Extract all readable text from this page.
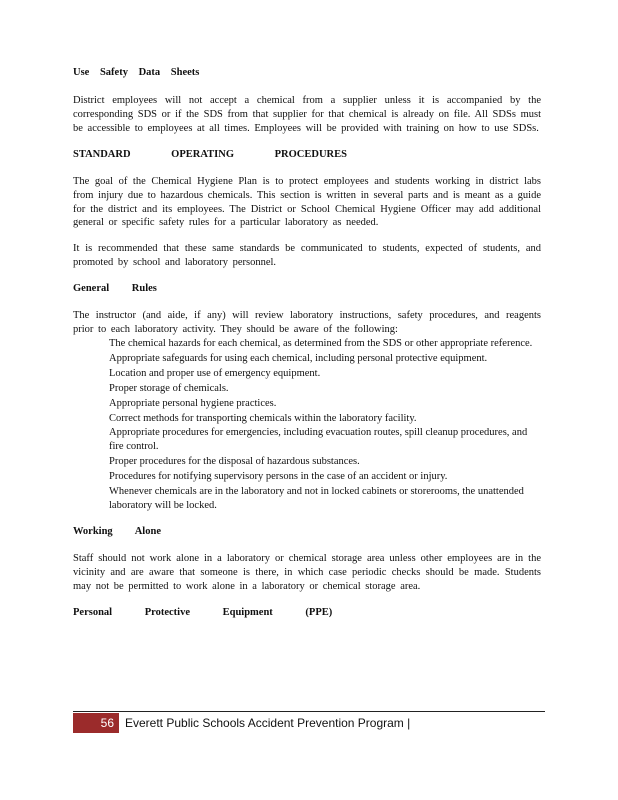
Use Safety Data Sheets

District employees will not accept a chemical from a supplier unless it is accompanied by the corresponding SDS or if the SDS from that supplier for that chemical is already on file. All SDSs must be accessible to employees at all times. Employees will be provided with training on how to use SDSs.

STANDARD OPERATING PROCEDURES

The goal of the Chemical Hygiene Plan is to protect employees and students working in district labs from injury due to hazardous chemicals. This section is written in several parts and is meant as a guide for the district and its employees. The District or School Chemical Hygiene Officer may add additional general or specific safety rules for a particular laboratory as needed.

It is recommended that these same standards be communicated to students, expected of students, and promoted by school and laboratory personnel.

General Rules

The instructor (and aide, if any) will review laboratory instructions, safety procedures, and reagents prior to each laboratory activity. They should be aware of the following:

The chemical hazards for each chemical, as determined from the SDS or other appropriate reference.
Appropriate safeguards for using each chemical, including personal protective equipment.
Location and proper use of emergency equipment.
Proper storage of chemicals.
Appropriate personal hygiene practices.
Correct methods for transporting chemicals within the laboratory facility.
Appropriate procedures for emergencies, including evacuation routes, spill cleanup procedures, and fire control.
Proper procedures for the disposal of hazardous substances.
Procedures for notifying supervisory persons in the case of an accident or injury.
Whenever chemicals are in the laboratory and not in locked cabinets or storerooms, the unattended laboratory will be locked.

Working Alone

Staff should not work alone in a laboratory or chemical storage area unless other employees are in the vicinity and are aware that someone is there, in which case periodic checks should be made. Students may not be permitted to work alone in a laboratory or chemical storage area.

Personal Protective Equipment (PPE)

56 Everett Public Schools Accident Prevention Program |
